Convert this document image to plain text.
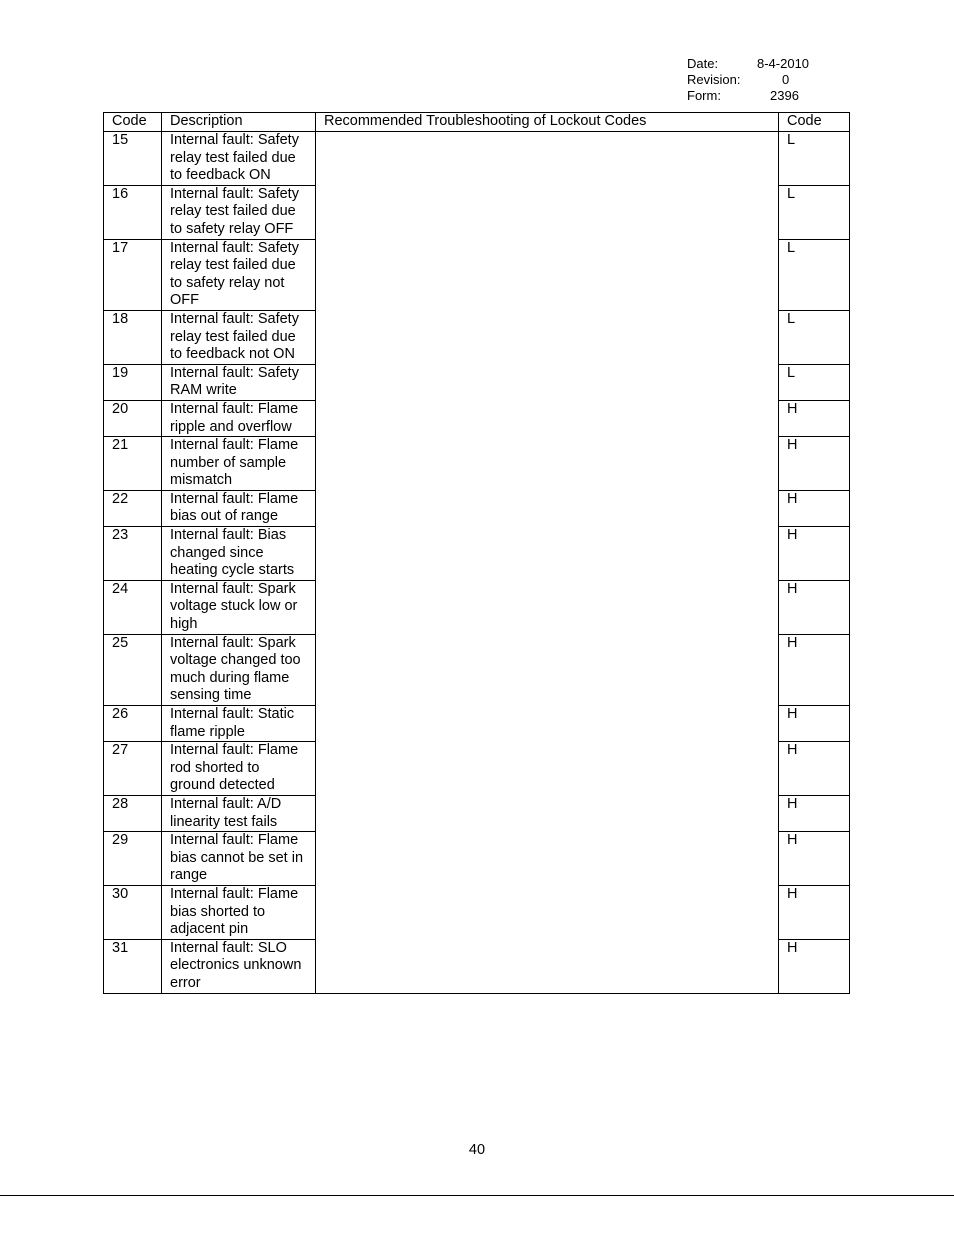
Date:	8-4-2010
Revision:	0
Form:	2396
Code	Description	Recommended Troubleshooting of Lockout Codes	Code
15	Internal fault: Safety relay test failed due to feedback ON		L
16	Internal fault: Safety relay test failed due to safety relay OFF		L
17	Internal fault: Safety relay test failed due to safety relay not OFF		L
18	Internal fault: Safety relay test failed due to feedback not ON		L
19	Internal fault: Safety RAM write		L
20	Internal fault: Flame ripple and overflow		H
21	Internal fault: Flame number of sample mismatch		H
22	Internal fault: Flame bias out of range		H
23	Internal fault: Bias changed since heating cycle starts		H
24	Internal fault: Spark voltage stuck low or high		H
25	Internal fault: Spark voltage changed too much during flame sensing time		H
26	Internal fault: Static flame ripple		H
27	Internal fault: Flame rod shorted to ground detected		H
28	Internal fault: A/D linearity test fails		H
29	Internal fault: Flame bias cannot be set in range		H
30	Internal fault: Flame bias shorted to adjacent pin		H
31	Internal fault: SLO electronics unknown error		H
40
